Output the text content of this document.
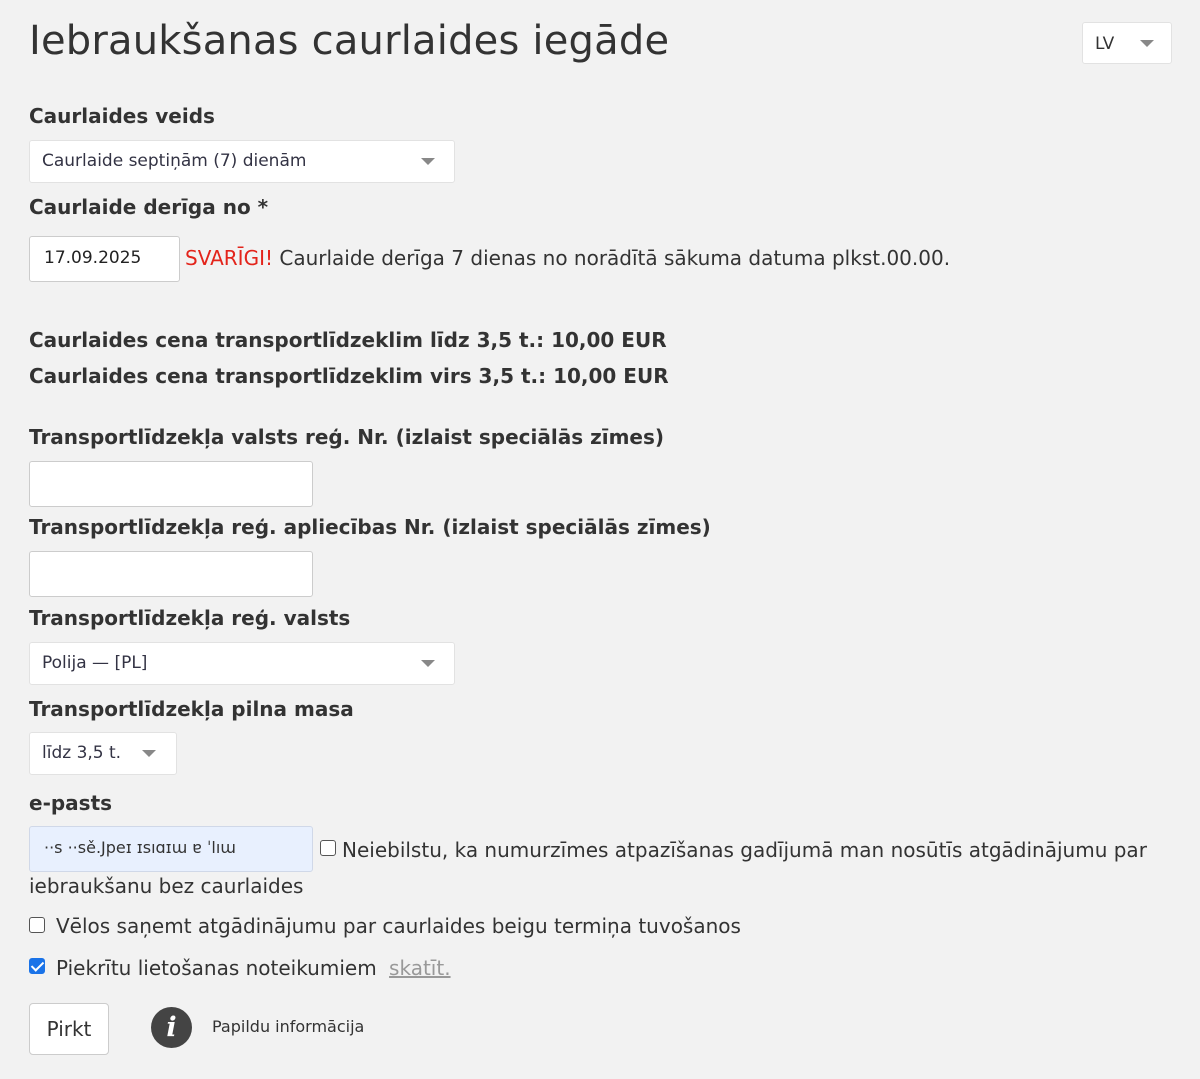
Iebraukšanas caurlaides iegāde	LV

Caurlaides veids

Caurlaide septiņām (7) dienām

Caurlaide derīga no *

17.09.2025 SVARĪGI! Caurlaide derīga 7 dienas no norādītā sākuma datuma plkst.00.00.
Caurlaides cena transportlīdzeklim līdz 3,5 t.: 10,00 EUR
Caurlaides cena transportlīdzeklim virs 3,5 t.: 10,00 EUR

Transportlīdzekļa valsts reģ. Nr. (izlaist speciālās zīmes)

Transportlīdzekļa reģ. apliecības Nr. (izlaist speciālās zīmes)

Transportlīdzekļa reģ. valsts

Polija — [PL]

Transportlīdzekļa pilna masa

līdz 3,5 t.

e-pasts

··s ··sě.Jpeɪ ɪsıɑɪɯ ɐ ˈlıɯ	Neiebilstu, ka numurzīmes atpazīšanas gadījumā man nosūtīs atgādinājumu par
iebraukšanu bez caurlaides
Vēlos saņemt atgādinājumu par caurlaides beigu termiņa tuvošanos
Piekrītu lietošanas noteikumiem skatīt.
Pirkt	i	Papildu informācija
